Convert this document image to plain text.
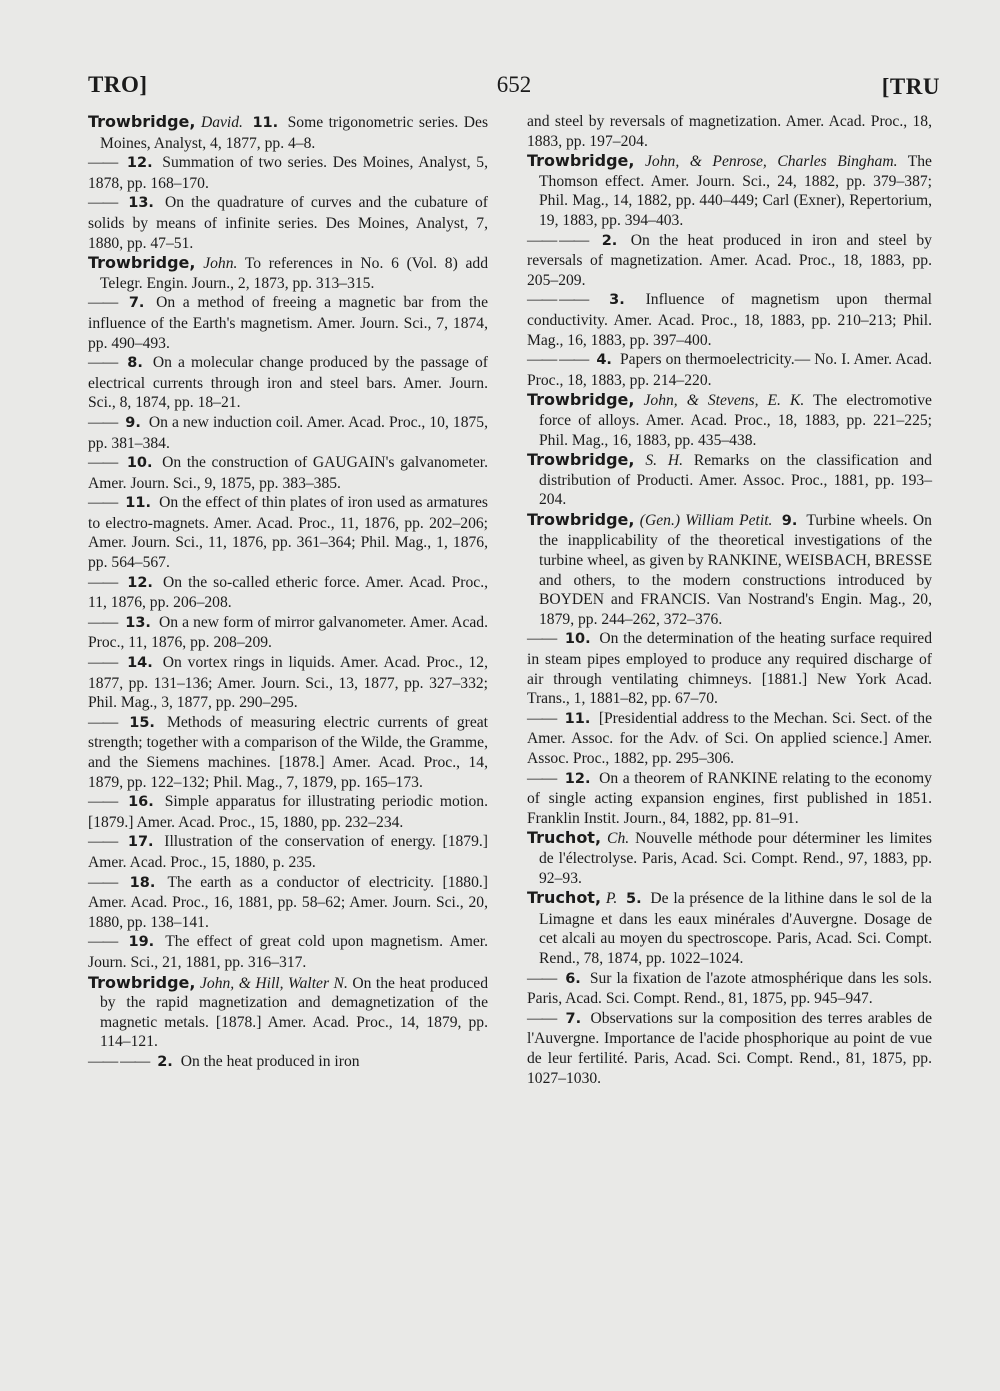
TRO]	652	[TRU

Trowbridge, David. 11. Some trigonometric series. Des Moines, Analyst, 4, 1877, pp. 4–8.

—— 12. Summation of two series. Des Moines, Analyst, 5, 1878, pp. 168–170.

—— 13. On the quadrature of curves and the cubature of solids by means of infinite series. Des Moines, Analyst, 7, 1880, pp. 47–51.

Trowbridge, John. To references in No. 6 (Vol. 8) add Telegr. Engin. Journ., 2, 1873, pp. 313–315.

—— 7. On a method of freeing a magnetic bar from the influence of the Earth's magnetism. Amer. Journ. Sci., 7, 1874, pp. 490–493.

—— 8. On a molecular change produced by the passage of electrical currents through iron and steel bars. Amer. Journ. Sci., 8, 1874, pp. 18–21.

—— 9. On a new induction coil. Amer. Acad. Proc., 10, 1875, pp. 381–384.

—— 10. On the construction of GAUGAIN's galvanometer. Amer. Journ. Sci., 9, 1875, pp. 383–385.

—— 11. On the effect of thin plates of iron used as armatures to electro-magnets. Amer. Acad. Proc., 11, 1876, pp. 202–206; Amer. Journ. Sci., 11, 1876, pp. 361–364; Phil. Mag., 1, 1876, pp. 564–567.

—— 12. On the so-called etheric force. Amer. Acad. Proc., 11, 1876, pp. 206–208.

—— 13. On a new form of mirror galvanometer. Amer. Acad. Proc., 11, 1876, pp. 208–209.

—— 14. On vortex rings in liquids. Amer. Acad. Proc., 12, 1877, pp. 131–136; Amer. Journ. Sci., 13, 1877, pp. 327–332; Phil. Mag., 3, 1877, pp. 290–295.

—— 15. Methods of measuring electric currents of great strength; together with a comparison of the Wilde, the Gramme, and the Siemens machines. [1878.] Amer. Acad. Proc., 14, 1879, pp. 122–132; Phil. Mag., 7, 1879, pp. 165–173.

—— 16. Simple apparatus for illustrating periodic motion. [1879.] Amer. Acad. Proc., 15, 1880, pp. 232–234.

—— 17. Illustration of the conservation of energy. [1879.] Amer. Acad. Proc., 15, 1880, p. 235.

—— 18. The earth as a conductor of electricity. [1880.] Amer. Acad. Proc., 16, 1881, pp. 58–62; Amer. Journ. Sci., 20, 1880, pp. 138–141.

—— 19. The effect of great cold upon magnetism. Amer. Journ. Sci., 21, 1881, pp. 316–317.

Trowbridge, John, & Hill, Walter N. On the heat produced by the rapid magnetization and demagnetization of the magnetic metals. [1878.] Amer. Acad. Proc., 14, 1879, pp. 114–121.

—— —— 2. On the heat produced in iron

and steel by reversals of magnetization. Amer. Acad. Proc., 18, 1883, pp. 197–204.

Trowbridge, John, & Penrose, Charles Bingham. The Thomson effect. Amer. Journ. Sci., 24, 1882, pp. 379–387; Phil. Mag., 14, 1882, pp. 440–449; Carl (Exner), Repertorium, 19, 1883, pp. 394–403.

—— —— 2. On the heat produced in iron and steel by reversals of magnetization. Amer. Acad. Proc., 18, 1883, pp. 205–209.

—— —— 3. Influence of magnetism upon thermal conductivity. Amer. Acad. Proc., 18, 1883, pp. 210–213; Phil. Mag., 16, 1883, pp. 397–400.

—— —— 4. Papers on thermoelectricity.— No. I. Amer. Acad. Proc., 18, 1883, pp. 214–220.

Trowbridge, John, & Stevens, E. K. The electromotive force of alloys. Amer. Acad. Proc., 18, 1883, pp. 221–225; Phil. Mag., 16, 1883, pp. 435–438.

Trowbridge, S. H. Remarks on the classification and distribution of Producti. Amer. Assoc. Proc., 1881, pp. 193–204.

Trowbridge, (Gen.) William Petit. 9. Turbine wheels. On the inapplicability of the theoretical investigations of the turbine wheel, as given by RANKINE, WEISBACH, BRESSE and others, to the modern constructions introduced by BOYDEN and FRANCIS. Van Nostrand's Engin. Mag., 20, 1879, pp. 244–262, 372–376.

—— 10. On the determination of the heating surface required in steam pipes employed to produce any required discharge of air through ventilating chimneys. [1881.] New York Acad. Trans., 1, 1881–82, pp. 67–70.

—— 11. [Presidential address to the Mechan. Sci. Sect. of the Amer. Assoc. for the Adv. of Sci. On applied science.] Amer. Assoc. Proc., 1882, pp. 295–306.

—— 12. On a theorem of RANKINE relating to the economy of single acting expansion engines, first published in 1851. Franklin Instit. Journ., 84, 1882, pp. 81–91.

Truchot, Ch. Nouvelle méthode pour déterminer les limites de l'électrolyse. Paris, Acad. Sci. Compt. Rend., 97, 1883, pp. 92–93.

Truchot, P. 5. De la présence de la lithine dans le sol de la Limagne et dans les eaux minérales d'Auvergne. Dosage de cet alcali au moyen du spectroscope. Paris, Acad. Sci. Compt. Rend., 78, 1874, pp. 1022–1024.

—— 6. Sur la fixation de l'azote atmosphérique dans les sols. Paris, Acad. Sci. Compt. Rend., 81, 1875, pp. 945–947.

—— 7. Observations sur la composition des terres arables de l'Auvergne. Importance de l'acide phosphorique au point de vue de leur fertilité. Paris, Acad. Sci. Compt. Rend., 81, 1875, pp. 1027–1030.
